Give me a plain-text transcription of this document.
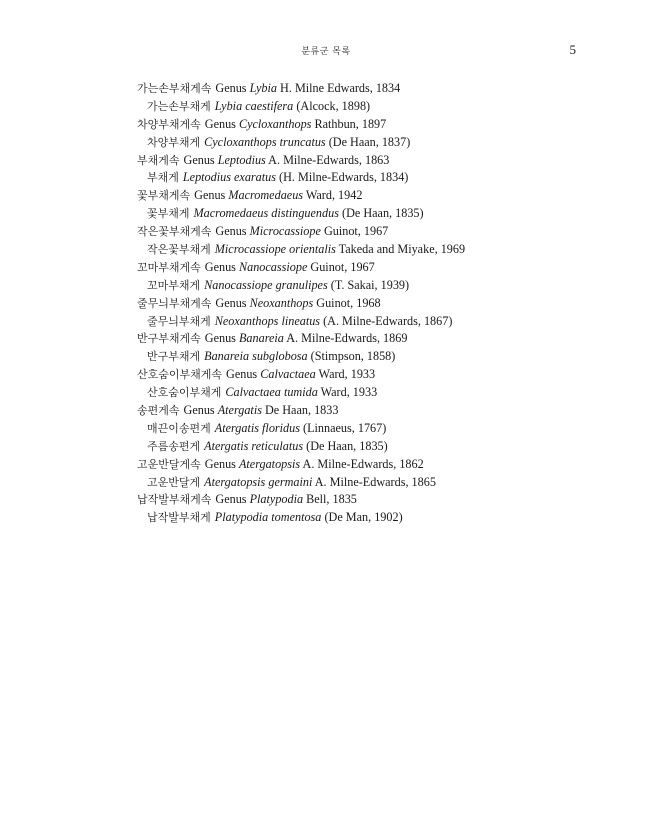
분류군 목록	5
가는손부채게속 Genus Lybia H. Milne Edwards, 1834
가는손부채게 Lybia caestifera (Alcock, 1898)
차양부채게속 Genus Cycloxanthops Rathbun, 1897
차양부채게 Cycloxanthops truncatus (De Haan, 1837)
부채게속 Genus Leptodius A. Milne-Edwards, 1863
부채게 Leptodius exaratus (H. Milne-Edwards, 1834)
꽃부채게속 Genus Macromedaeus Ward, 1942
꽃부채게 Macromedaeus distinguendus (De Haan, 1835)
작은꽃부채게속 Genus Microcassiope Guinot, 1967
작은꽃부채게 Microcassiope orientalis Takeda and Miyake, 1969
꼬마부채게속 Genus Nanocassiope Guinot, 1967
꼬마부채게 Nanocassiope granulipes (T. Sakai, 1939)
줄무늬부채게속 Genus Neoxanthops Guinot, 1968
줄무늬부채게 Neoxanthops lineatus (A. Milne-Edwards, 1867)
반구부채게속 Genus Banareia A. Milne-Edwards, 1869
반구부채게 Banareia subglobosa (Stimpson, 1858)
산호숨이부채게속 Genus Calvactaea Ward, 1933
산호숨이부채게 Calvactaea tumida Ward, 1933
송편게속 Genus Atergatis De Haan, 1833
매끈이송편게 Atergatis floridus (Linnaeus, 1767)
주름송편게 Atergatis reticulatus (De Haan, 1835)
고운반달게속 Genus Atergatopsis A. Milne-Edwards, 1862
고운반달게 Atergatopsis germaini A. Milne-Edwards, 1865
납작발부채게속 Genus Platypodia Bell, 1835
납작발부채게 Platypodia tomentosa (De Man, 1902)
